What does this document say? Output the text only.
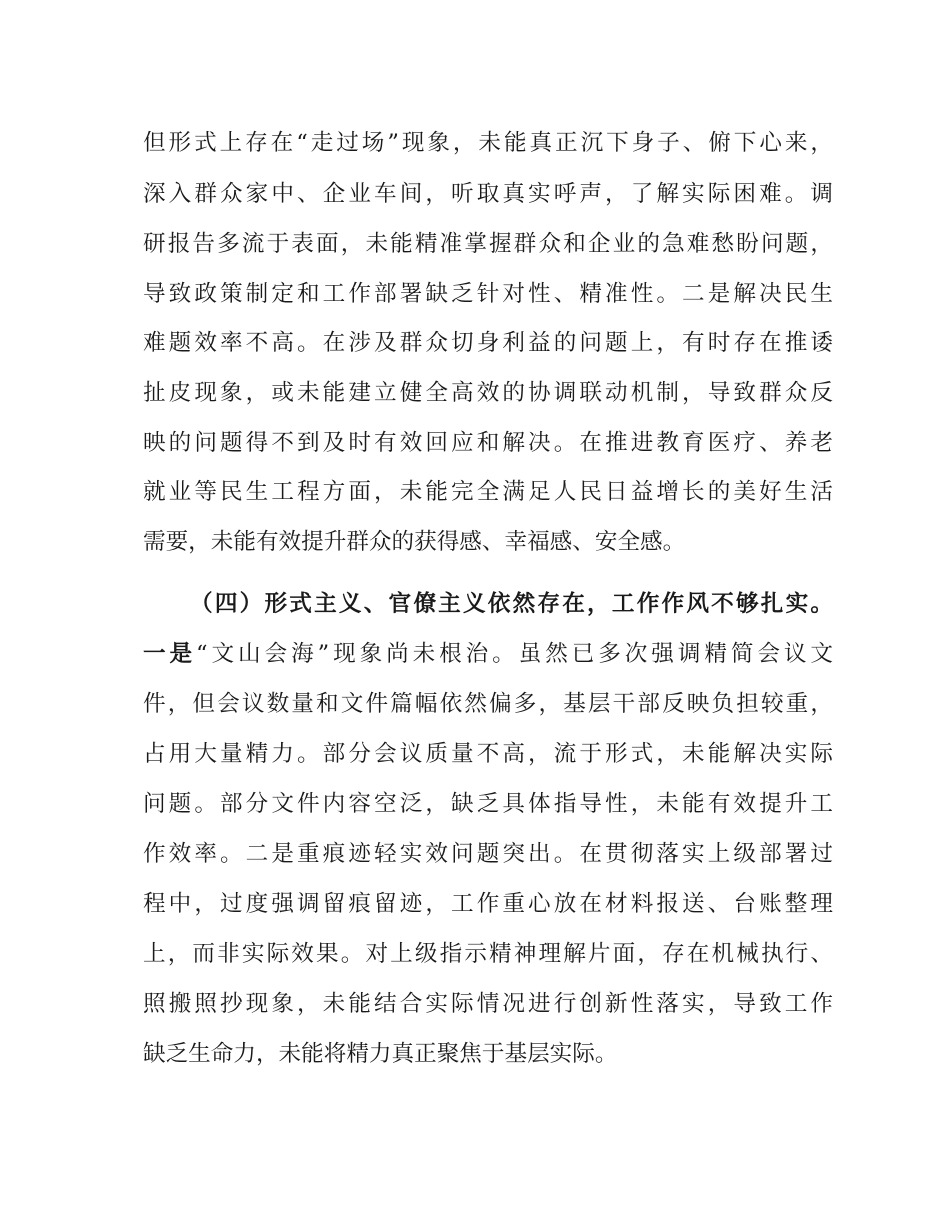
但形式上存在“走过场”现象，未能真正沉下身子、俯下心来，
深入群众家中、企业车间，听取真实呼声，了解实际困难。调
研报告多流于表面，未能精准掌握群众和企业的急难愁盼问题，
导致政策制定和工作部署缺乏针对性、精准性。二是解决民生
难题效率不高。在涉及群众切身利益的问题上，有时存在推诿
扯皮现象，或未能建立健全高效的协调联动机制，导致群众反
映的问题得不到及时有效回应和解决。在推进教育医疗、养老
就业等民生工程方面，未能完全满足人民日益增长的美好生活
需要，未能有效提升群众的获得感、幸福感、安全感。
（四）形式主义、官僚主义依然存在，工作作风不够扎实。
一是“文山会海”现象尚未根治。虽然已多次强调精简会议文
件，但会议数量和文件篇幅依然偏多，基层干部反映负担较重，
占用大量精力。部分会议质量不高，流于形式，未能解决实际
问题。部分文件内容空泛，缺乏具体指导性，未能有效提升工
作效率。二是重痕迹轻实效问题突出。在贯彻落实上级部署过
程中，过度强调留痕留迹，工作重心放在材料报送、台账整理
上，而非实际效果。对上级指示精神理解片面，存在机械执行、
照搬照抄现象，未能结合实际情况进行创新性落实，导致工作
缺乏生命力，未能将精力真正聚焦于基层实际。
